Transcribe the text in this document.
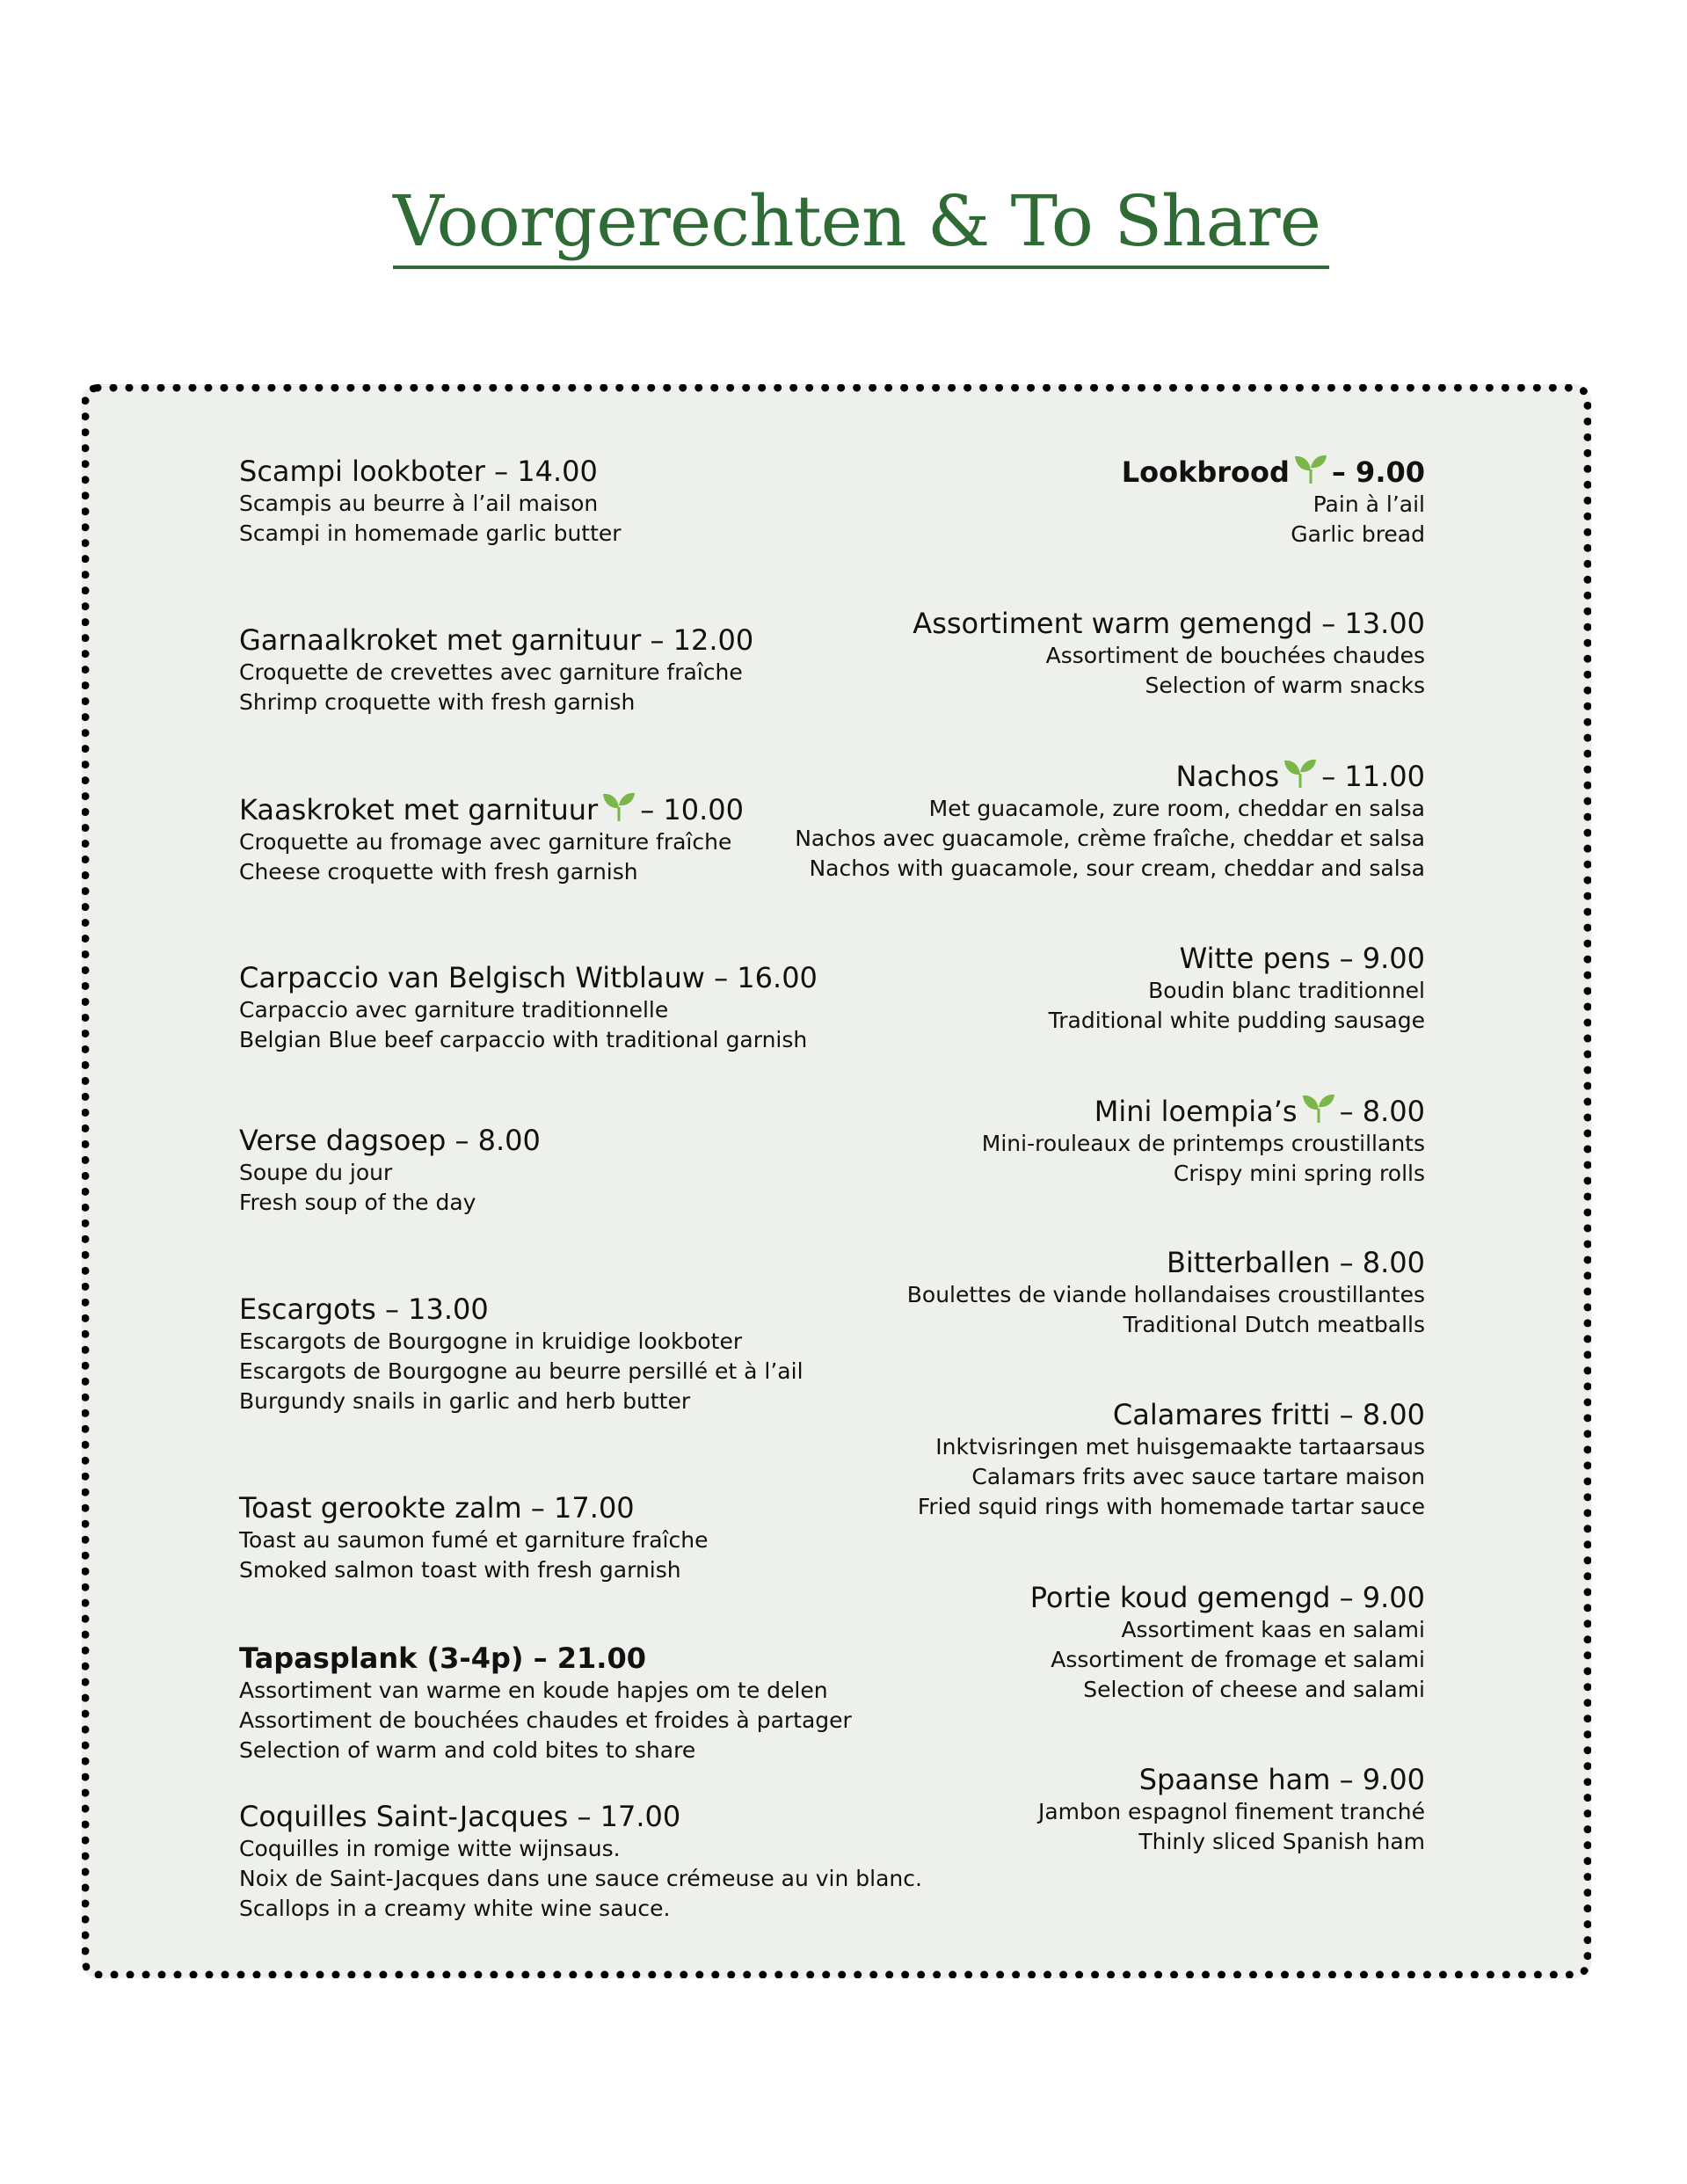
Voorgerechten & To Share
Scampi lookboter – 14.00

Scampis au beurre à l’ail maison

Scampi in homemade garlic butter

Garnaalkroket met garnituur – 12.00

Croquette de crevettes avec garniture fraîche

Shrimp croquette with fresh garnish

Kaaskroket met garnituur – 10.00

Croquette au fromage avec garniture fraîche

Cheese croquette with fresh garnish

Carpaccio van Belgisch Witblauw – 16.00

Carpaccio avec garniture traditionnelle

Belgian Blue beef carpaccio with traditional garnish

Verse dagsoep – 8.00

Soupe du jour

Fresh soup of the day

Escargots – 13.00

Escargots de Bourgogne in kruidige lookboter

Escargots de Bourgogne au beurre persillé et à l’ail

Burgundy snails in garlic and herb butter

Toast gerookte zalm – 17.00

Toast au saumon fumé et garniture fraîche

Smoked salmon toast with fresh garnish

Tapasplank (3-4p) – 21.00

Assortiment van warme en koude hapjes om te delen

Assortiment de bouchées chaudes et froides à partager

Selection of warm and cold bites to share

Coquilles Saint-Jacques – 17.00

Coquilles in romige witte wijnsaus.

Noix de Saint-Jacques dans une sauce crémeuse au vin blanc.

Scallops in a creamy white wine sauce.

Lookbrood – 9.00

Pain à l’ail

Garlic bread

Assortiment warm gemengd – 13.00

Assortiment de bouchées chaudes

Selection of warm snacks

Nachos – 11.00

Met guacamole, zure room, cheddar en salsa

Nachos avec guacamole, crème fraîche, cheddar et salsa

Nachos with guacamole, sour cream, cheddar and salsa

Witte pens – 9.00

Boudin blanc traditionnel

Traditional white pudding sausage

Mini loempia’s – 8.00

Mini-rouleaux de printemps croustillants

Crispy mini spring rolls

Bitterballen – 8.00

Boulettes de viande hollandaises croustillantes

Traditional Dutch meatballs

Calamares fritti – 8.00

Inktvisringen met huisgemaakte tartaarsaus

Calamars frits avec sauce tartare maison

Fried squid rings with homemade tartar sauce

Portie koud gemengd – 9.00

Assortiment kaas en salami

Assortiment de fromage et salami

Selection of cheese and salami

Spaanse ham – 9.00

Jambon espagnol finement tranché

Thinly sliced Spanish ham
